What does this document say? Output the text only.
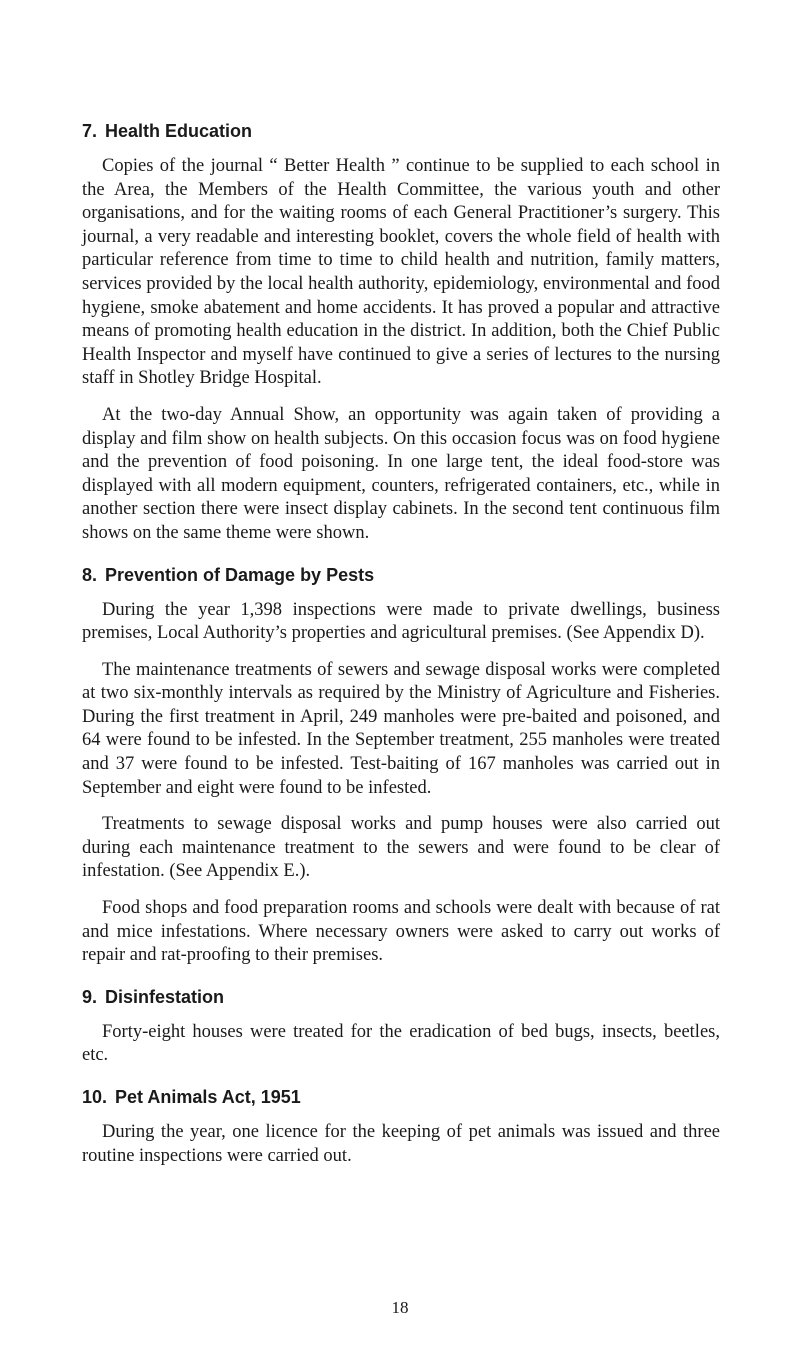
7. Health Education

Copies of the journal “ Better Health ” continue to be supplied to each school in the Area, the Members of the Health Committee, the various youth and other organisations, and for the waiting rooms of each General Practitioner’s surgery. This journal, a very readable and interesting booklet, covers the whole field of health with particular reference from time to time to child health and nutrition, family matters, services provided by the local health authority, epidemiology, environmental and food hygiene, smoke abatement and home accidents. It has proved a popular and attractive means of promoting health education in the district. In addition, both the Chief Public Health Inspector and myself have continued to give a series of lectures to the nursing staff in Shotley Bridge Hospital.

At the two-day Annual Show, an opportunity was again taken of providing a display and film show on health subjects. On this occasion focus was on food hygiene and the prevention of food poisoning. In one large tent, the ideal food-store was displayed with all modern equipment, counters, refrigerated containers, etc., while in another section there were insect display cabinets. In the second tent continuous film shows on the same theme were shown.

8. Prevention of Damage by Pests

During the year 1,398 inspections were made to private dwellings, business premises, Local Authority’s properties and agricultural premises. (See Appendix D).

The maintenance treatments of sewers and sewage disposal works were completed at two six-monthly intervals as required by the Ministry of Agriculture and Fisheries. During the first treatment in April, 249 manholes were pre-baited and poisoned, and 64 were found to be infested. In the September treatment, 255 manholes were treated and 37 were found to be infested. Test-baiting of 167 manholes was carried out in September and eight were found to be infested.

Treatments to sewage disposal works and pump houses were also carried out during each maintenance treatment to the sewers and were found to be clear of infestation. (See Appendix E.).

Food shops and food preparation rooms and schools were dealt with because of rat and mice infestations. Where necessary owners were asked to carry out works of repair and rat-proofing to their premises.

9. Disinfestation

Forty-eight houses were treated for the eradication of bed bugs, insects, beetles, etc.

10. Pet Animals Act, 1951

During the year, one licence for the keeping of pet animals was issued and three routine inspections were carried out.

18
